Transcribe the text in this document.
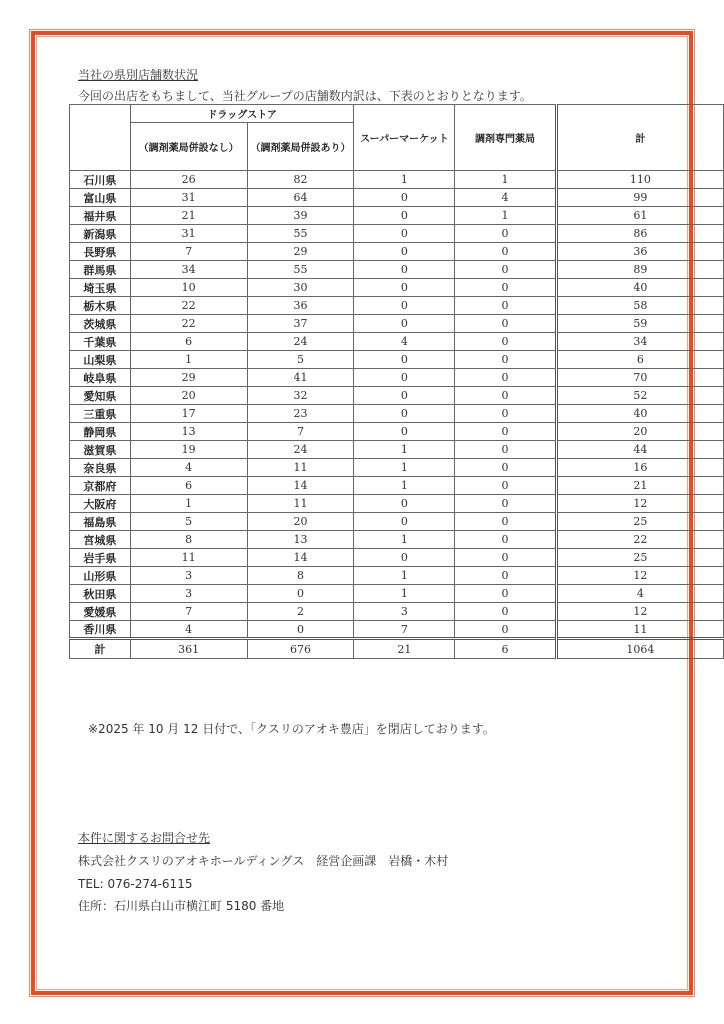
当社の県別店舗数状況
今回の出店をもちまして、当社グループの店舗数内訳は、下表のとおりとなります。
	ドラッグストア		スーパーマーケット	調剤専門薬局	計
	（調剤薬局併設なし）	（調剤薬局併設あり）			
石川県	26	82	1	1	110
富山県	31	64	0	4	99
福井県	21	39	0	1	61
新潟県	31	55	0	0	86
長野県	7	29	0	0	36
群馬県	34	55	0	0	89
埼玉県	10	30	0	0	40
栃木県	22	36	0	0	58
茨城県	22	37	0	0	59
千葉県	6	24	4	0	34
山梨県	1	5	0	0	6
岐阜県	29	41	0	0	70
愛知県	20	32	0	0	52
三重県	17	23	0	0	40
静岡県	13	7	0	0	20
滋賀県	19	24	1	0	44
奈良県	4	11	1	0	16
京都府	6	14	1	0	21
大阪府	1	11	0	0	12
福島県	5	20	0	0	25
宮城県	8	13	1	0	22
岩手県	11	14	0	0	25
山形県	3	8	1	0	12
秋田県	3	0	1	0	4
愛媛県	7	2	3	0	12
香川県	4	0	7	0	11
計	361	676	21	6	1064
※2025 年 10 月 12 日付で、「クスリのアオキ豊店」を閉店しております。
本件に関するお問合せ先
株式会社クスリのアオキホールディングス　経営企画課　岩橋・木村
TEL: 076-274-6115
住所：石川県白山市横江町 5180 番地
